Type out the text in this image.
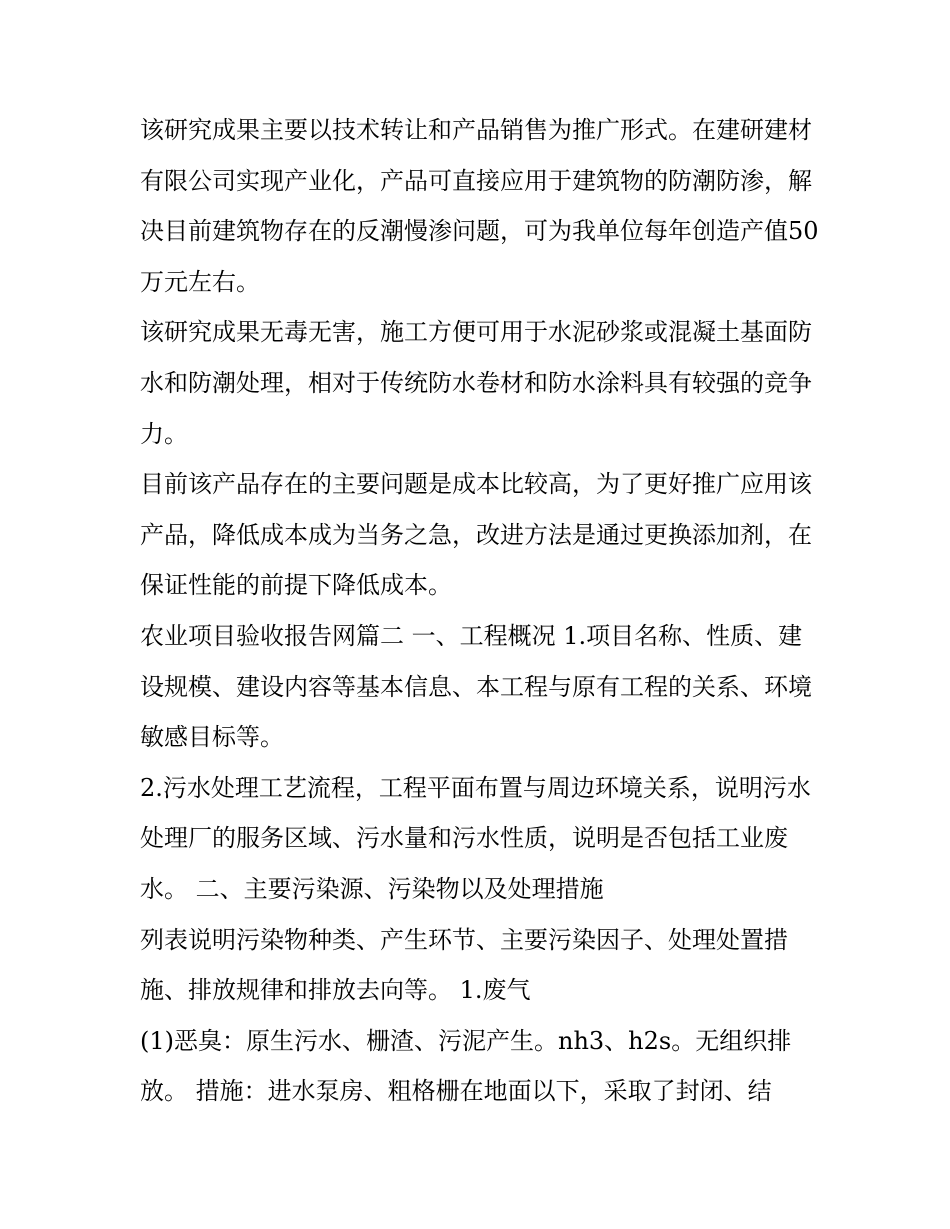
该研究成果主要以技术转让和产品销售为推广形式。在建研建材有限公司实现产业化，产品可直接应用于建筑物的防潮防渗，解决目前建筑物存在的反潮慢渗问题，可为我单位每年创造产值50万元左右。

该研究成果无毒无害，施工方便可用于水泥砂浆或混凝土基面防水和防潮处理，相对于传统防水卷材和防水涂料具有较强的竞争力。

目前该产品存在的主要问题是成本比较高，为了更好推广应用该产品，降低成本成为当务之急，改进方法是通过更换添加剂，在保证性能的前提下降低成本。

农业项目验收报告网篇二 一、工程概况 1.项目名称、性质、建设规模、建设内容等基本信息、本工程与原有工程的关系、环境敏感目标等。

2.污水处理工艺流程，工程平面布置与周边环境关系，说明污水处理厂的服务区域、污水量和污水性质，说明是否包括工业废水。 二、主要污染源、污染物以及处理措施

列表说明污染物种类、产生环节、主要污染因子、处理处置措施、排放规律和排放去向等。 1.废气

(1)恶臭：原生污水、栅渣、污泥产生。nh3、h2s。无组织排放。 措施：进水泵房、粗格栅在地面以下，采取了封闭、结
